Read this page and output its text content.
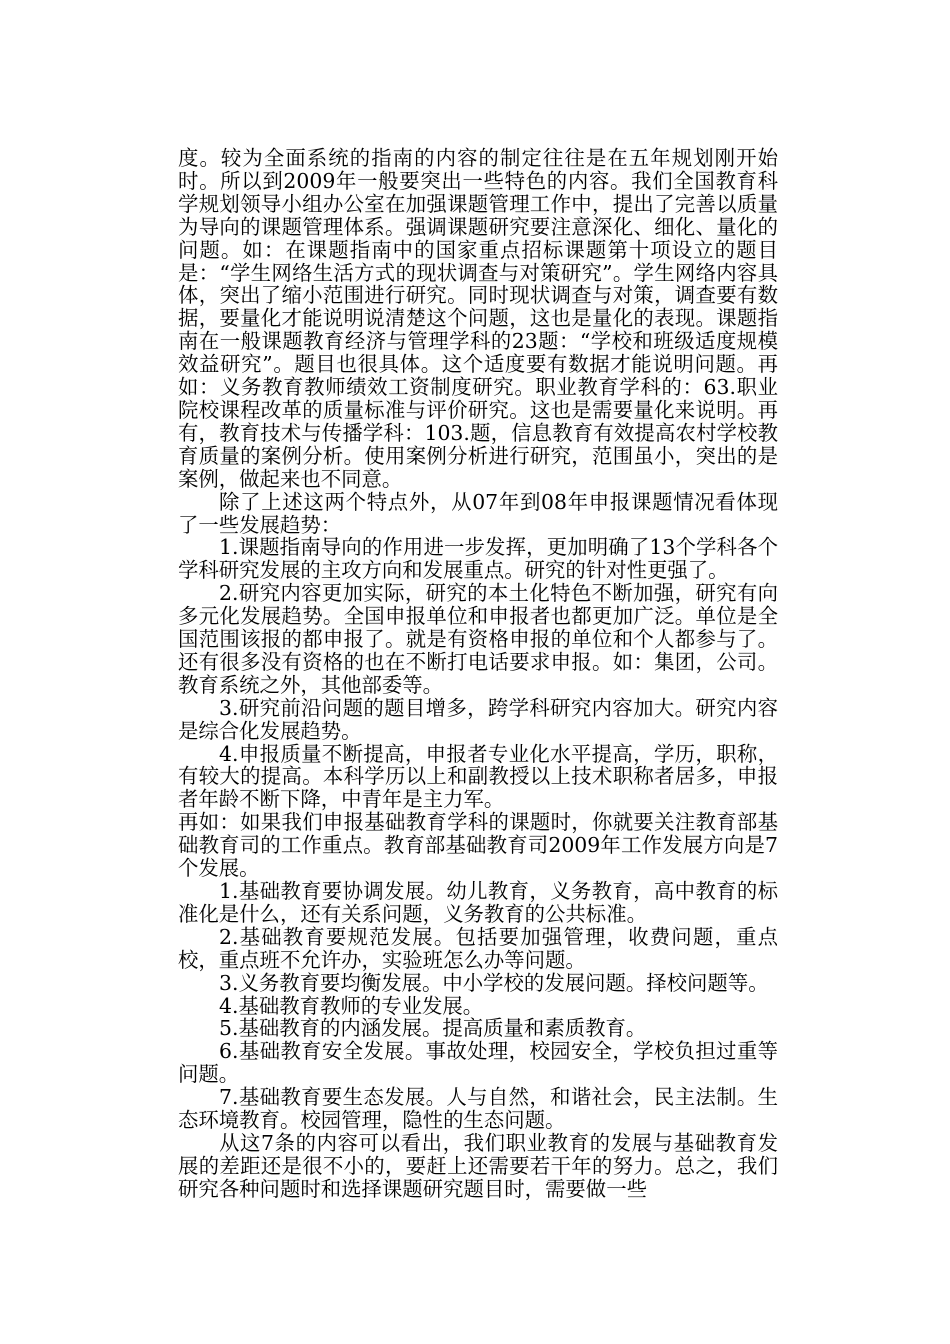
度。较为全面系统的指南的内容的制定往往是在五年规划刚开始时。所以到2009年一般要突出一些特色的内容。我们全国教育科学规划领导小组办公室在加强课题管理工作中，提出了完善以质量为导向的课题管理体系。强调课题研究要注意深化、细化、量化的问题。如：在课题指南中的国家重点招标课题第十项设立的题目是：“学生网络生活方式的现状调查与对策研究”。学生网络内容具体，突出了缩小范围进行研究。同时现状调查与对策，调查要有数据，要量化才能说明说清楚这个问题，这也是量化的表现。课题指南在一般课题教育经济与管理学科的23题：“学校和班级适度规模效益研究”。题目也很具体。这个适度要有数据才能说明问题。再如：义务教育教师绩效工资制度研究。职业教育学科的：63.职业院校课程改革的质量标准与评价研究。这也是需要量化来说明。再有，教育技术与传播学科：103.题，信息教育有效提高农村学校教育质量的案例分析。使用案例分析进行研究，范围虽小，突出的是案例，做起来也不同意。

除了上述这两个特点外，从07年到08年申报课题情况看体现了一些发展趋势：

1.课题指南导向的作用进一步发挥，更加明确了13个学科各个学科研究发展的主攻方向和发展重点。研究的针对性更强了。

2.研究内容更加实际，研究的本土化特色不断加强，研究有向多元化发展趋势。全国申报单位和申报者也都更加广泛。单位是全国范围该报的都申报了。就是有资格申报的单位和个人都参与了。还有很多没有资格的也在不断打电话要求申报。如：集团，公司。教育系统之外，其他部委等。

3.研究前沿问题的题目增多，跨学科研究内容加大。研究内容是综合化发展趋势。

4.申报质量不断提高，申报者专业化水平提高，学历，职称，有较大的提高。本科学历以上和副教授以上技术职称者居多，申报者年龄不断下降，中青年是主力军。

再如：如果我们申报基础教育学科的课题时，你就要关注教育部基础教育司的工作重点。教育部基础教育司2009年工作发展方向是7个发展。

1.基础教育要协调发展。幼儿教育，义务教育，高中教育的标准化是什么，还有关系问题，义务教育的公共标准。

2.基础教育要规范发展。包括要加强管理，收费问题，重点校，重点班不允许办，实验班怎么办等问题。

3.义务教育要均衡发展。中小学校的发展问题。择校问题等。

4.基础教育教师的专业发展。

5.基础教育的内涵发展。提高质量和素质教育。

6.基础教育安全发展。事故处理，校园安全，学校负担过重等问题。

7.基础教育要生态发展。人与自然，和谐社会，民主法制。生态环境教育。校园管理，隐性的生态问题。

从这7条的内容可以看出，我们职业教育的发展与基础教育发展的差距还是很不小的，要赶上还需要若干年的努力。总之，我们研究各种问题时和选择课题研究题目时，需要做一些
